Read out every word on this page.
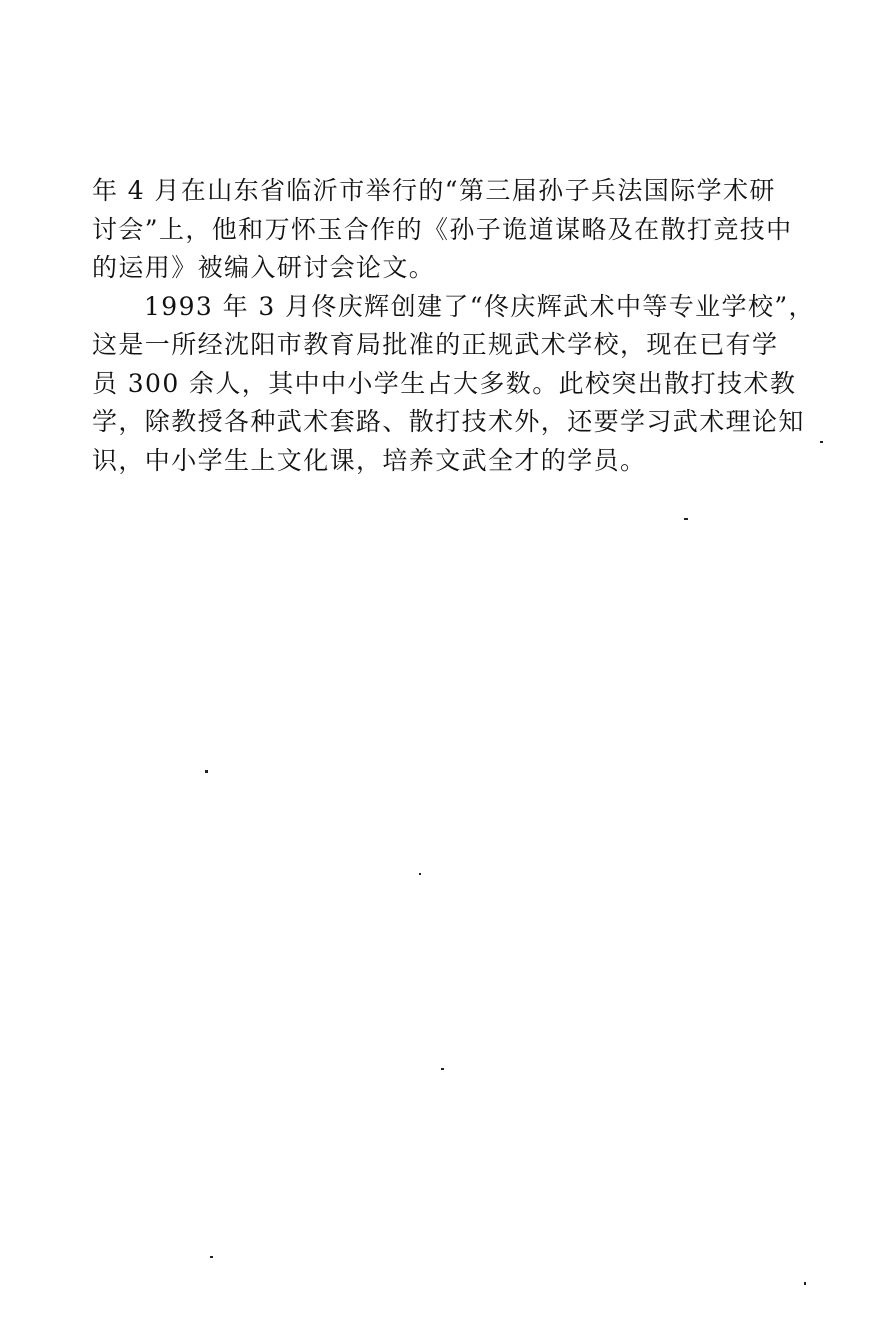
年 4 月在山东省临沂市举行的“第三届孙子兵法国际学术研
讨会”上，他和万怀玉合作的《孙子诡道谋略及在散打竞技中
的运用》被编入研讨会论文。

1993 年 3 月佟庆辉创建了“佟庆辉武术中等专业学校”，
这是一所经沈阳市教育局批准的正规武术学校，现在已有学
员 300 余人，其中中小学生占大多数。此校突出散打技术教
学，除教授各种武术套路、散打技术外，还要学习武术理论知
识，中小学生上文化课，培养文武全才的学员。
